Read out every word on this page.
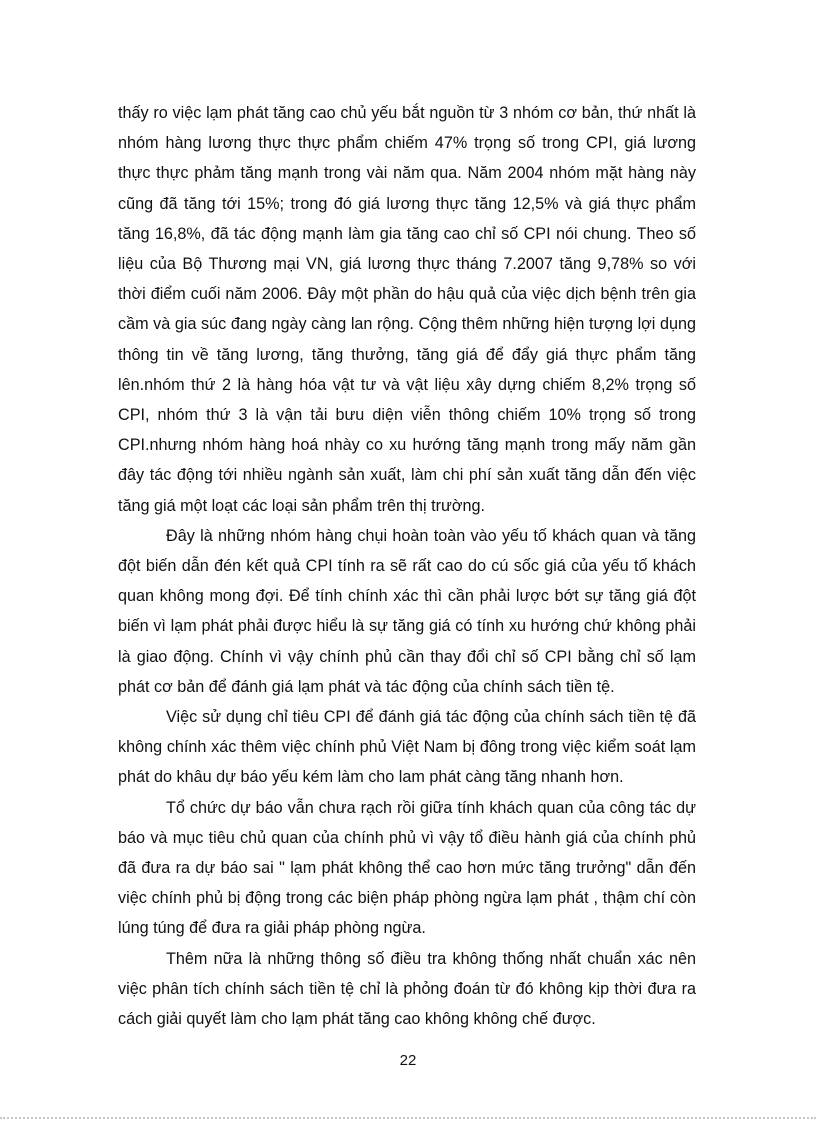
thấy ro việc lạm phát tăng cao chủ yếu bắt nguồn từ 3 nhóm cơ bản, thứ nhất là nhóm hàng lương thực thực phẩm chiếm 47% trọng số trong CPI, giá lương thực thực phảm tăng mạnh trong vài năm qua. Năm 2004 nhóm mặt hàng này cũng đã tăng tới 15%; trong đó giá lương thực tăng 12,5% và giá thực phẩm tăng 16,8%, đã tác động mạnh làm gia tăng cao chỉ số CPI nói chung. Theo số liệu của Bộ Thương mại VN, giá lương thực tháng 7.2007 tăng 9,78% so với thời điểm cuối năm 2006. Đây một phần do hậu quả của việc dịch bệnh trên gia cầm và gia súc đang ngày càng lan rộng. Cộng thêm những hiện tượng lợi dụng thông tin về tăng lương, tăng thưởng, tăng giá để đẩy giá thực phẩm tăng lên.nhóm thứ 2 là hàng hóa vật tư và vật liệu xây dựng chiếm 8,2% trọng số CPI, nhóm thứ 3 là vận tải bưu diện viễn thông chiếm 10% trọng số trong CPI.nhưng nhóm hàng hoá nhày co xu hướng tăng mạnh trong mấy năm gần đây tác động tới nhiều ngành sản xuất, làm chi phí sản xuất tăng dẫn đến việc tăng giá một loạt các loại sản phẩm trên thị trường.

Đây là những nhóm hàng chụi hoàn toàn vào yếu tố khách quan và tăng đột biến dẫn đén kết quả CPI tính ra sẽ rất cao do cú sốc giá của yếu tố khách quan không mong đợi. Để tính chính xác thì cần phải lược bớt sự tăng giá đột biến vì lạm phát phải được hiểu là sự tăng giá có tính xu hướng chứ không phải là giao động. Chính vì vậy chính phủ cần thay đổi chỉ số CPI bằng chỉ số lạm phát cơ bản để đánh giá lạm phát và tác động của chính sách tiền tệ.

Việc sử dụng chỉ tiêu CPI để đánh giá tác động của chính sách tiền tệ đã không chính xác thêm việc chính phủ Việt Nam bị đông trong việc kiểm soát lạm phát do khâu dự báo yếu kém làm cho lam phát càng tăng nhanh hơn.

Tổ chức dự báo vẫn chưa rạch rồi giữa tính khách quan của công tác dự báo và mục tiêu chủ quan của chính phủ vì vậy tổ điều hành giá của chính phủ đã đưa ra dự báo sai " lạm phát không thể cao hơn mức tăng trưởng" dẫn đến việc chính phủ bị động trong các biện pháp phòng ngừa lạm phát , thậm chí còn lúng túng để đưa ra giải pháp phòng ngừa.

Thêm nữa là những thông số điều tra không thống nhất chuẩn xác nên việc phân tích chính sách tiền tệ chỉ là phỏng đoán từ đó không kịp thời đưa ra cách giải quyết làm cho lạm phát tăng cao không không chế được.

22
